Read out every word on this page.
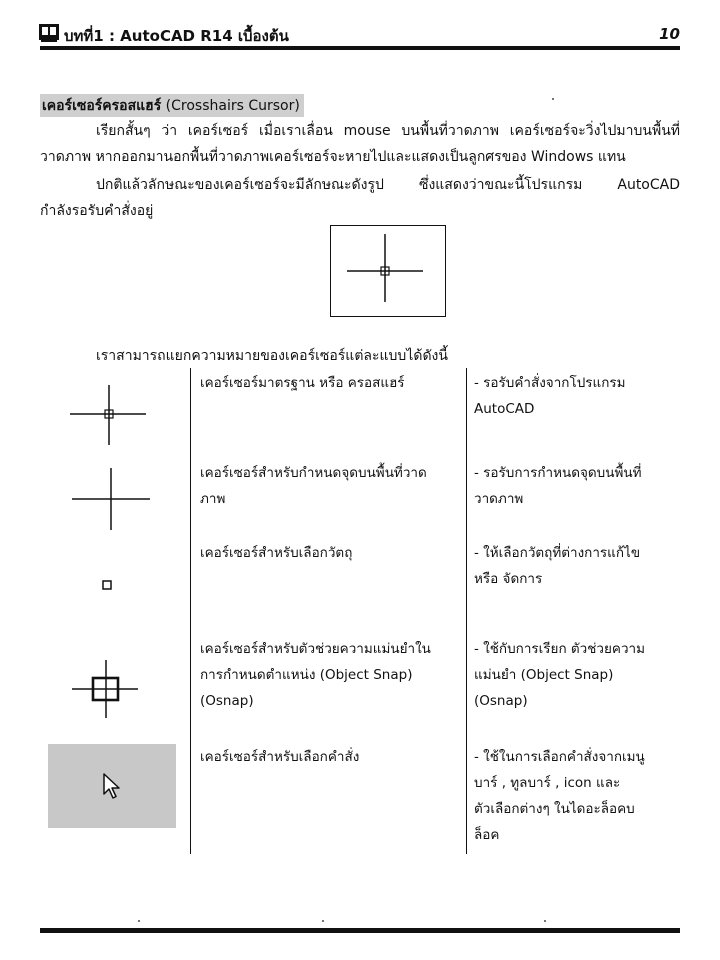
บทที่1 : AutoCAD R14 เบื้องต้น	10
เคอร์เซอร์ครอสแฮร์ (Crosshairs Cursor)
เรียกสั้นๆ ว่า เคอร์เซอร์ เมื่อเราเลื่อน mouse บนพื้นที่วาดภาพ เคอร์เซอร์จะวิ่งไปมาบนพื้นที่
วาดภาพ หากออกมานอกพื้นที่วาดภาพเคอร์เซอร์จะหายไปและแสดงเป็นลูกศรของ Windows แทน
ปกติแล้วลักษณะของเคอร์เซอร์จะมีลักษณะดังรูป ซึ่งแสดงว่าขณะนี้โปรแกรม AutoCAD
กำลังรอรับคำสั่งอยู่
เราสามารถแยกความหมายของเคอร์เซอร์แต่ละแบบได้ดังนี้
เคอร์เซอร์มาตรฐาน หรือ ครอสแฮร์	- รอรับคำสั่งจากโปรแกรม
AutoCAD
เคอร์เซอร์สำหรับกำหนดจุดบนพื้นที่วาด
ภาพ
- รอรับการกำหนดจุดบนพื้นที่
วาดภาพ
เคอร์เซอร์สำหรับเลือกวัตถุ	- ให้เลือกวัตถุที่ต่างการแก้ไข
หรือ จัดการ
เคอร์เซอร์สำหรับตัวช่วยความแม่นยำใน
การกำหนดตำแหน่ง (Object Snap)
(Osnap)
- ใช้กับการเรียก ตัวช่วยความ
แม่นยำ (Object Snap)
(Osnap)
เคอร์เซอร์สำหรับเลือกคำสั่ง	- ใช้ในการเลือกคำสั่งจากเมนู
บาร์ , ทูลบาร์ , icon และ
ตัวเลือกต่างๆ ในไดอะล็อคบ
ล็อค
